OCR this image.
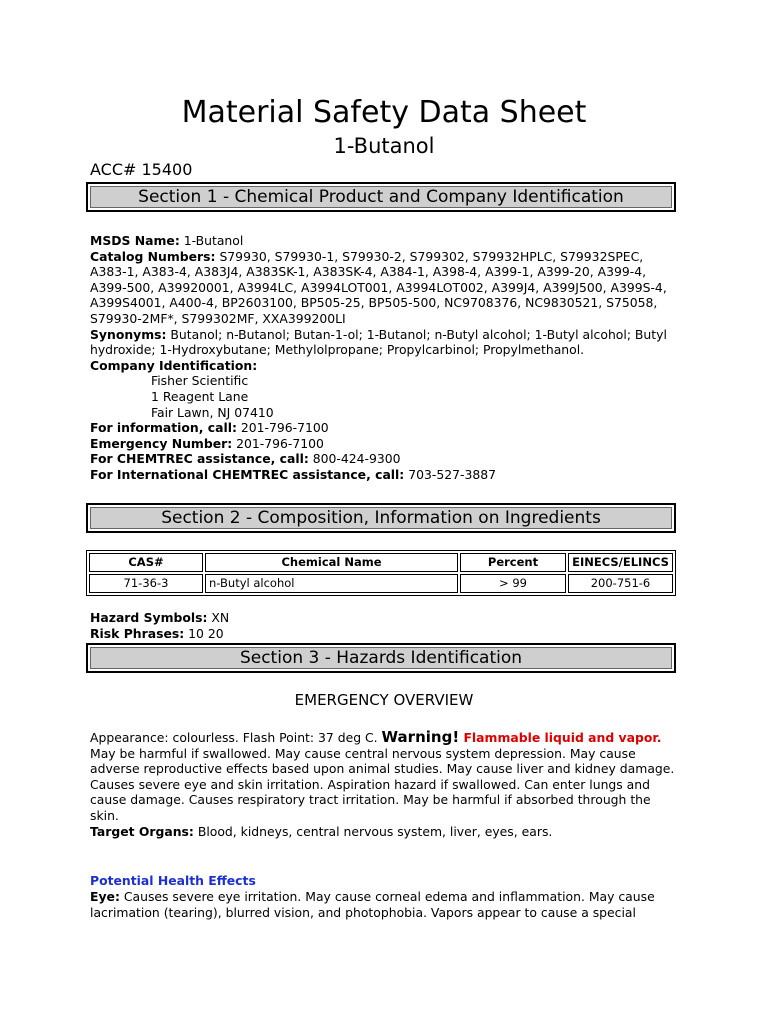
Material Safety Data Sheet
1-Butanol
ACC# 15400
Section 1 - Chemical Product and Company Identification

MSDS Name: 1-Butanol

Catalog Numbers: S79930, S79930-1, S79930-2, S799302, S79932HPLC, S79932SPEC, A383-1, A383-4, A383J4, A383SK-1, A383SK-4, A384-1, A398-4, A399-1, A399-20, A399-4, A399-500, A39920001, A3994LC, A3994LOT001, A3994LOT002, A399J4, A399J500, A399S-4, A399S4001, A400-4, BP2603100, BP505-25, BP505-500, NC9708376, NC9830521, S75058, S79930-2MF*, S799302MF, XXA399200LI

Synonyms: Butanol; n-Butanol; Butan-1-ol; 1-Butanol; n-Butyl alcohol; 1-Butyl alcohol; Butyl hydroxide; 1-Hydroxybutane; Methylolpropane; Propylcarbinol; Propylmethanol.

Company Identification:

Fisher Scientific

1 Reagent Lane

Fair Lawn, NJ 07410

For information, call: 201-796-7100

Emergency Number: 201-796-7100

For CHEMTREC assistance, call: 800-424-9300

For International CHEMTREC assistance, call: 703-527-3887

Section 2 - Composition, Information on Ingredients
CAS#	Chemical Name	Percent	EINECS/ELINCS
71-36-3	n-Butyl alcohol	> 99	200-751-6

Hazard Symbols: XN

Risk Phrases: 10 20

Section 3 - Hazards Identification
EMERGENCY OVERVIEW

Appearance: colourless. Flash Point: 37 deg C. Warning! Flammable liquid and vapor. May be harmful if swallowed. May cause central nervous system depression. May cause adverse reproductive effects based upon animal studies. May cause liver and kidney damage. Causes severe eye and skin irritation. Aspiration hazard if swallowed. Can enter lungs and cause damage. Causes respiratory tract irritation. May be harmful if absorbed through the skin.

Target Organs: Blood, kidneys, central nervous system, liver, eyes, ears.

Potential Health Effects

Eye: Causes severe eye irritation. May cause corneal edema and inflammation. May cause lacrimation (tearing), blurred vision, and photophobia. Vapors appear to cause a special
